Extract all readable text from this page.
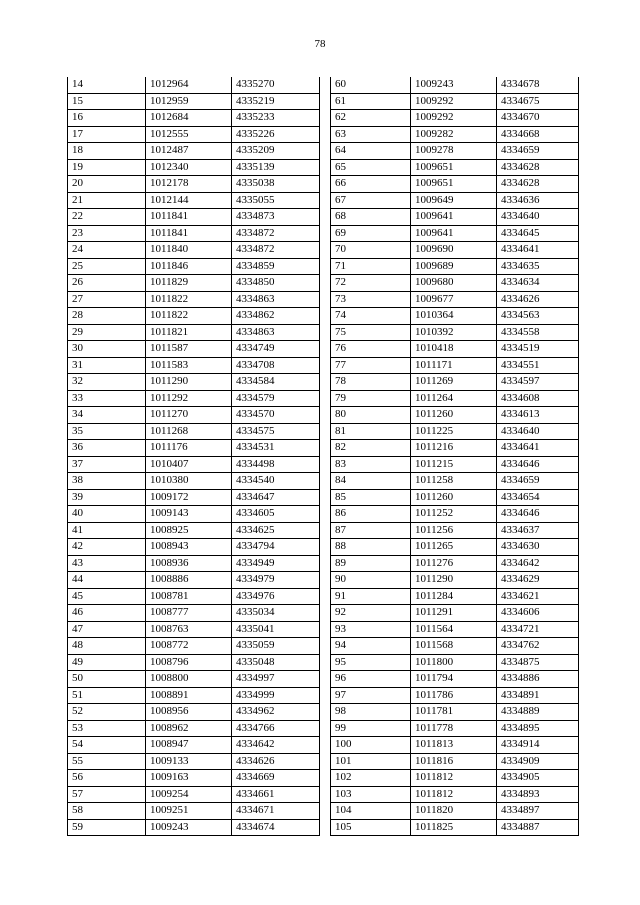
78
14	1012964	4335270
15	1012959	4335219
16	1012684	4335233
17	1012555	4335226
18	1012487	4335209
19	1012340	4335139
20	1012178	4335038
21	1012144	4335055
22	1011841	4334873
23	1011841	4334872
24	1011840	4334872
25	1011846	4334859
26	1011829	4334850
27	1011822	4334863
28	1011822	4334862
29	1011821	4334863
30	1011587	4334749
31	1011583	4334708
32	1011290	4334584
33	1011292	4334579
34	1011270	4334570
35	1011268	4334575
36	1011176	4334531
37	1010407	4334498
38	1010380	4334540
39	1009172	4334647
40	1009143	4334605
41	1008925	4334625
42	1008943	4334794
43	1008936	4334949
44	1008886	4334979
45	1008781	4334976
46	1008777	4335034
47	1008763	4335041
48	1008772	4335059
49	1008796	4335048
50	1008800	4334997
51	1008891	4334999
52	1008956	4334962
53	1008962	4334766
54	1008947	4334642
55	1009133	4334626
56	1009163	4334669
57	1009254	4334661
58	1009251	4334671
59	1009243	4334674
60	1009243	4334678
61	1009292	4334675
62	1009292	4334670
63	1009282	4334668
64	1009278	4334659
65	1009651	4334628
66	1009651	4334628
67	1009649	4334636
68	1009641	4334640
69	1009641	4334645
70	1009690	4334641
71	1009689	4334635
72	1009680	4334634
73	1009677	4334626
74	1010364	4334563
75	1010392	4334558
76	1010418	4334519
77	1011171	4334551
78	1011269	4334597
79	1011264	4334608
80	1011260	4334613
81	1011225	4334640
82	1011216	4334641
83	1011215	4334646
84	1011258	4334659
85	1011260	4334654
86	1011252	4334646
87	1011256	4334637
88	1011265	4334630
89	1011276	4334642
90	1011290	4334629
91	1011284	4334621
92	1011291	4334606
93	1011564	4334721
94	1011568	4334762
95	1011800	4334875
96	1011794	4334886
97	1011786	4334891
98	1011781	4334889
99	1011778	4334895
100	1011813	4334914
101	1011816	4334909
102	1011812	4334905
103	1011812	4334893
104	1011820	4334897
105	1011825	4334887
